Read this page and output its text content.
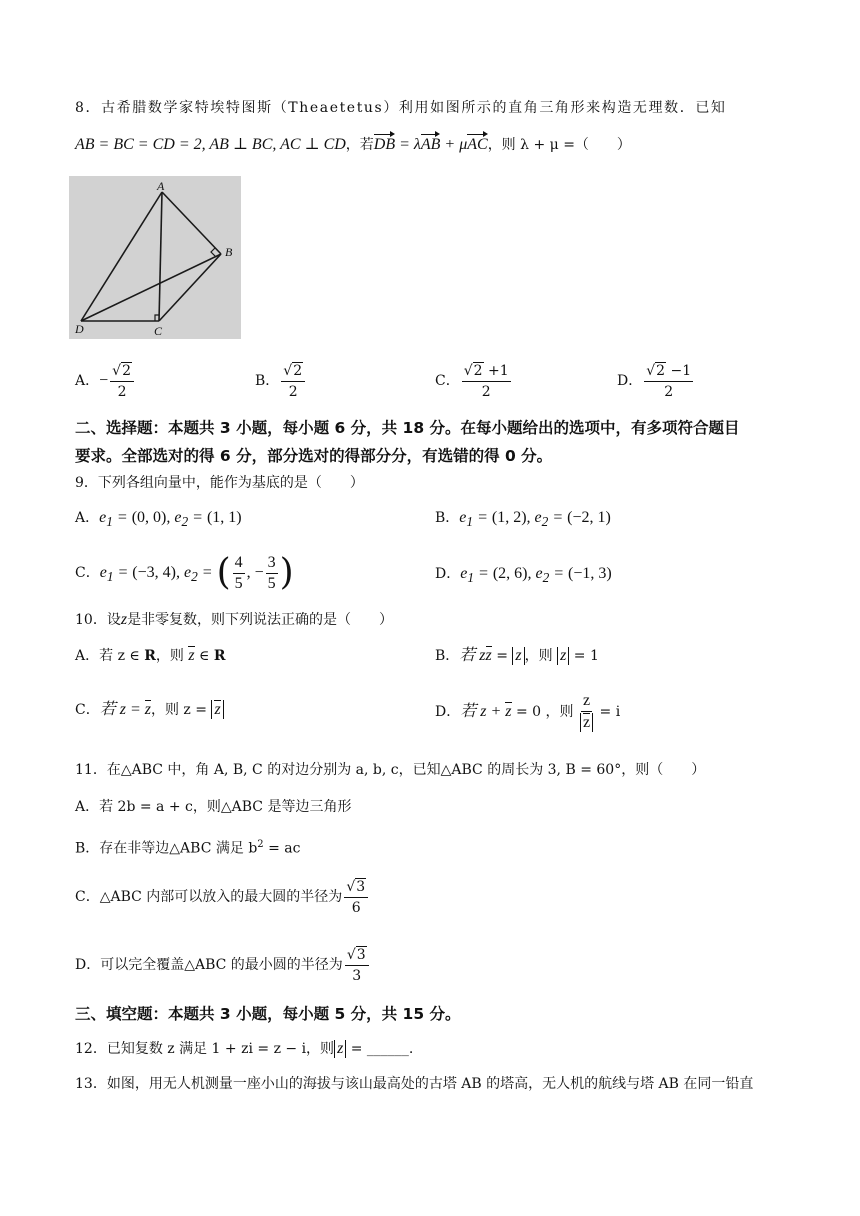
8．古希腊数学家特埃特图斯（Theaetetus）利用如图所示的直角三角形来构造无理数．已知
AB = BC = CD = 2, AB ⊥ BC, AC ⊥ CD，若DB = λAB + μAC，则 λ + μ =（　　）
A
B
C
D
A．− $\frac{√ 2}{2}$	B． $\frac{√ 2}{2}$	C． $\frac{√ 2 +1}{2}$	D． $\frac{√ 2 -1}{2}$
二、选择题：本题共 3 小题，每小题 6 分，共 18 分。在每小题给出的选项中，有多项符合题目
要求。全部选对的得 6 分，部分选对的得部分分，有选错的得 0 分。
9．下列各组向量中，能作为基底的是（　　）
A．$e_1 = (0$, 0), $e_2 = (1$, 1)	B．$e_1 = (1$, 2), $e_2 = (-2$, 1)
C．$e_1 = (-3$, 4), $e_2$ = ( $\frac{4}{5}$ , − $\frac{3}{5}$ )	D．$e_1 = (2$, 6), $e_2 = (-1$, 3)
10．设z是非零复数，则下列说法正确的是（　　）
A．若 z ∈ R，则 z ∈ R	B．若 zz = z ，则 z = 1
C．若 z = z，则 z = z	D．若 z + z = 0 ，则 $\frac{z}{z} = i$
11．在△ABC 中，角 A, B, C 的对边分别为 a, b, c，已知△ABC 的周长为 3, B = 60°，则（　　）
A．若 2b = a + c，则△ABC 是等边三角形
B．存在非等边△ABC 满足 $b^2$ = ac
C．△ABC 内部可以放入的最大圆的半径为 $\frac{√ 3}{6}$
D．可以完全覆盖△ABC 的最小圆的半径为 $\frac{√ 3}{3}$
三、填空题：本题共 3 小题，每小题 5 分，共 15 分。
12．已知复数 z 满足 1 + zi = z − i，则 z = ______.
13．如图，用无人机测量一座小山的海拔与该山最高处的古塔 AB 的塔高，无人机的航线与塔 AB 在同一铅直
